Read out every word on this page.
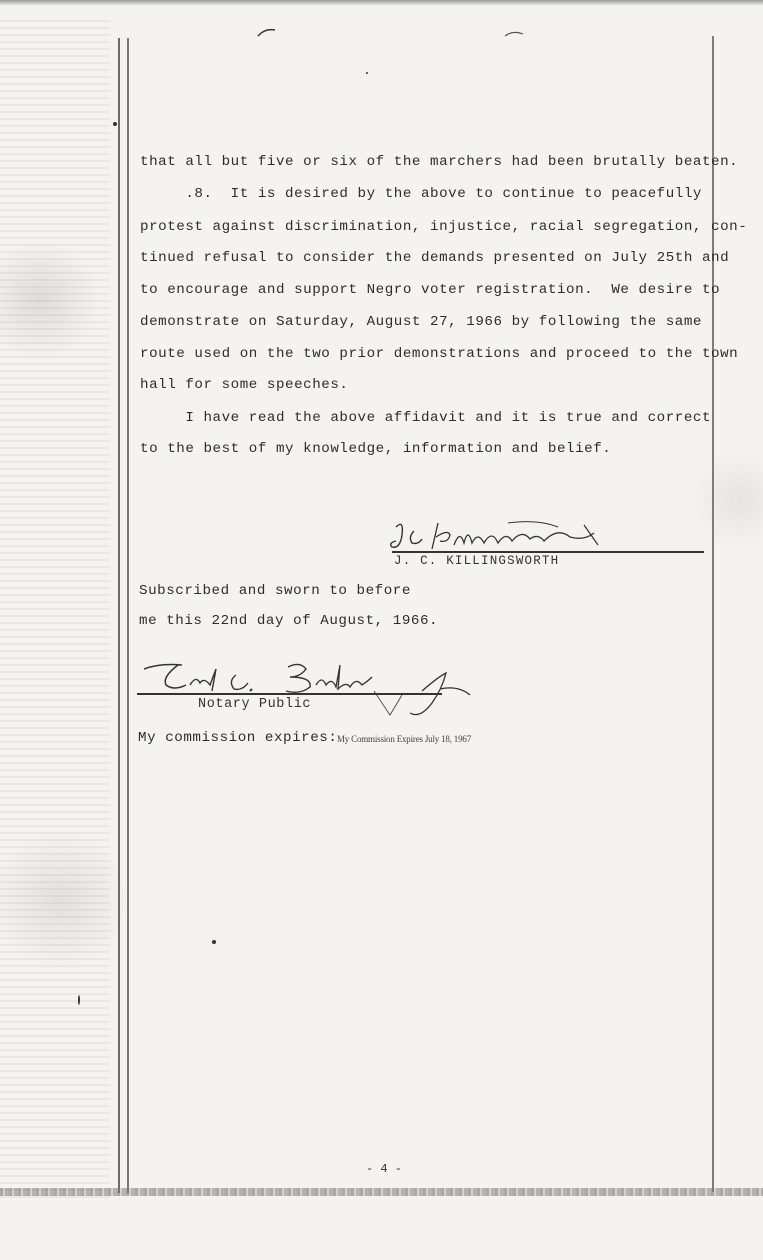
that all but five or six of the marchers had been brutally beaten.
.8.  It is desired by the above to continue to peacefully
protest against discrimination, injustice, racial segregation, con-
tinued refusal to consider the demands presented on July 25th and
to encourage and support Negro voter registration.  We desire to
demonstrate on Saturday, August 27, 1966 by following the same
route used on the two prior demonstrations and proceed to the town
hall for some speeches.
I have read the above affidavit and it is true and correct
to the best of my knowledge, information and belief.
J. C. KILLINGSWORTH
Subscribed and sworn to before
me this 22nd day of August, 1966.
Notary Public
My commission expires: My Commission Expires July 18, 1967
- 4 -
